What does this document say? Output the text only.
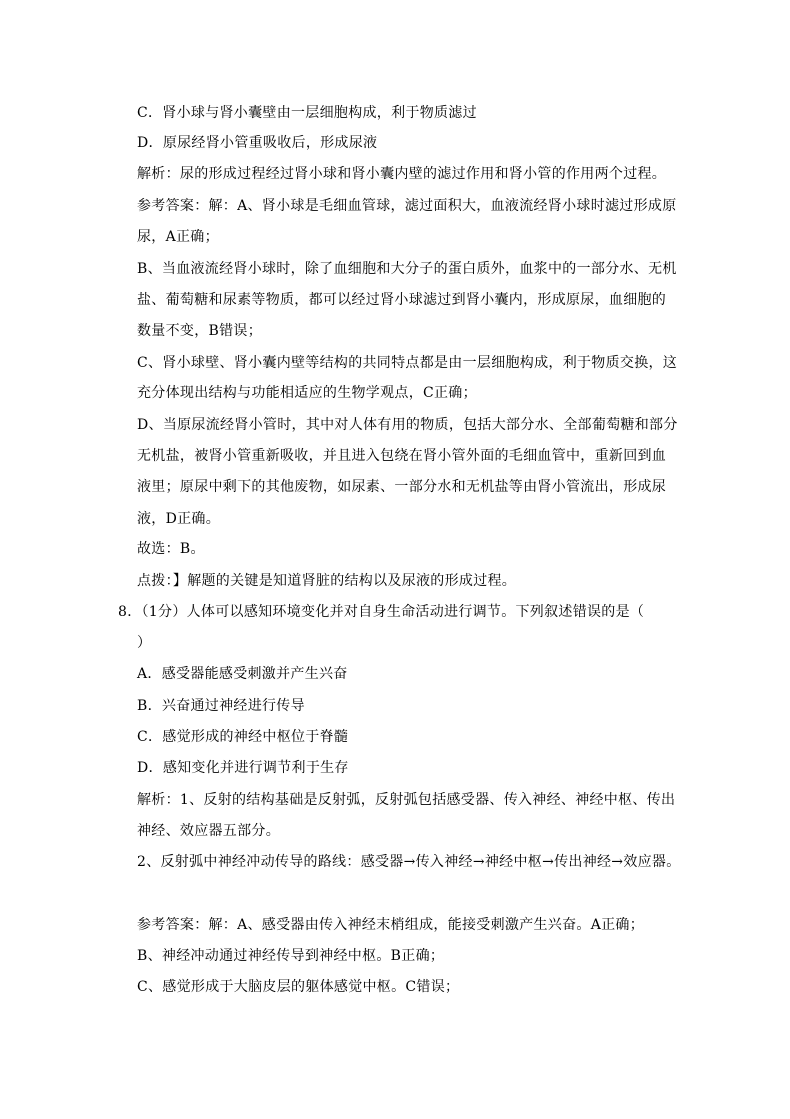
C．肾小球与肾小囊壁由一层细胞构成，利于物质滤过
D．原尿经肾小管重吸收后，形成尿液
解析：尿的形成过程经过肾小球和肾小囊内壁的滤过作用和肾小管的作用两个过程。
参考答案：解：A、肾小球是毛细血管球，滤过面积大，血液流经肾小球时滤过形成原
尿，A正确；
B、当血液流经肾小球时，除了血细胞和大分子的蛋白质外，血浆中的一部分水、无机
盐、葡萄糖和尿素等物质，都可以经过肾小球滤过到肾小囊内，形成原尿，血细胞的
数量不变，B错误；
C、肾小球壁、肾小囊内壁等结构的共同特点都是由一层细胞构成，利于物质交换，这
充分体现出结构与功能相适应的生物学观点，C正确；
D、当原尿流经肾小管时，其中对人体有用的物质，包括大部分水、全部葡萄糖和部分
无机盐，被肾小管重新吸收，并且进入包绕在肾小管外面的毛细血管中，重新回到血
液里；原尿中剩下的其他废物，如尿素、一部分水和无机盐等由肾小管流出，形成尿
液，D正确。
故选：B。
点拨：】解题的关键是知道肾脏的结构以及尿液的形成过程。
8．（1分）人体可以感知环境变化并对自身生命活动进行调节。下列叙述错误的是（
）
A．感受器能感受刺激并产生兴奋
B．兴奋通过神经进行传导
C．感觉形成的神经中枢位于脊髓
D．感知变化并进行调节利于生存
解析：1、反射的结构基础是反射弧，反射弧包括感受器、传入神经、神经中枢、传出
神经、效应器五部分。
2、反射弧中神经冲动传导的路线：感受器→传入神经→神经中枢→传出神经→效应器。
参考答案：解：A、感受器由传入神经末梢组成，能接受刺激产生兴奋。A正确；
B、神经冲动通过神经传导到神经中枢。B正确；
C、感觉形成于大脑皮层的躯体感觉中枢。C错误；
